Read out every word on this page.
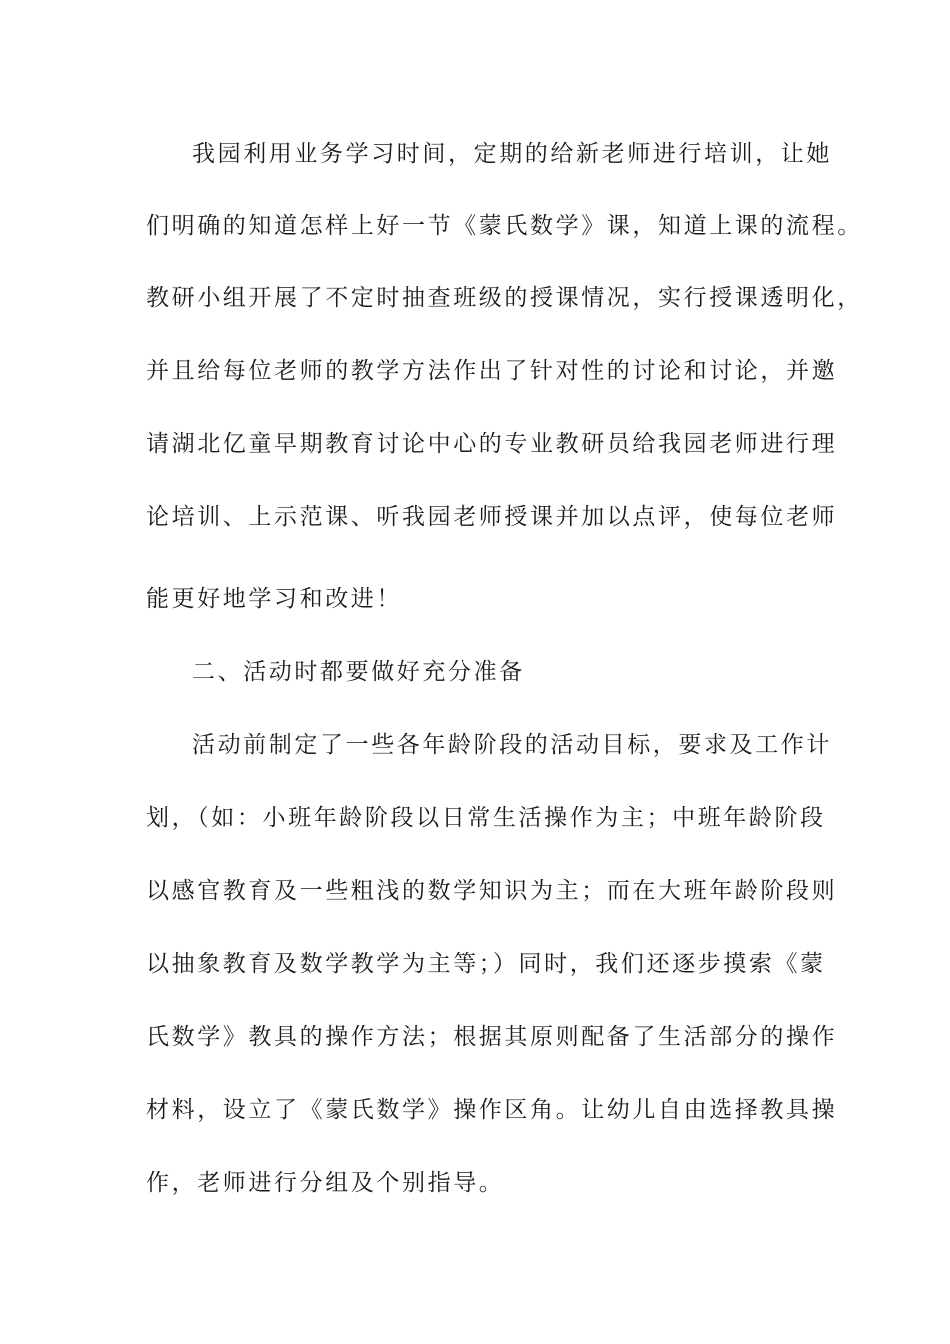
我园利用业务学习时间，定期的给新老师进行培训，让她

们明确的知道怎样上好一节《蒙氏数学》课，知道上课的流程。

教研小组开展了不定时抽查班级的授课情况，实行授课透明化，

并且给每位老师的教学方法作出了针对性的讨论和讨论，并邀

请湖北亿童早期教育讨论中心的专业教研员给我园老师进行理

论培训、上示范课、听我园老师授课并加以点评，使每位老师

能更好地学习和改进！

二、活动时都要做好充分准备

活动前制定了一些各年龄阶段的活动目标，要求及工作计

划，（如：小班年龄阶段以日常生活操作为主；中班年龄阶段

以感官教育及一些粗浅的数学知识为主；而在大班年龄阶段则

以抽象教育及数学教学为主等；）同时，我们还逐步摸索《蒙

氏数学》教具的操作方法；根据其原则配备了生活部分的操作

材料，设立了《蒙氏数学》操作区角。让幼儿自由选择教具操

作，老师进行分组及个别指导。
